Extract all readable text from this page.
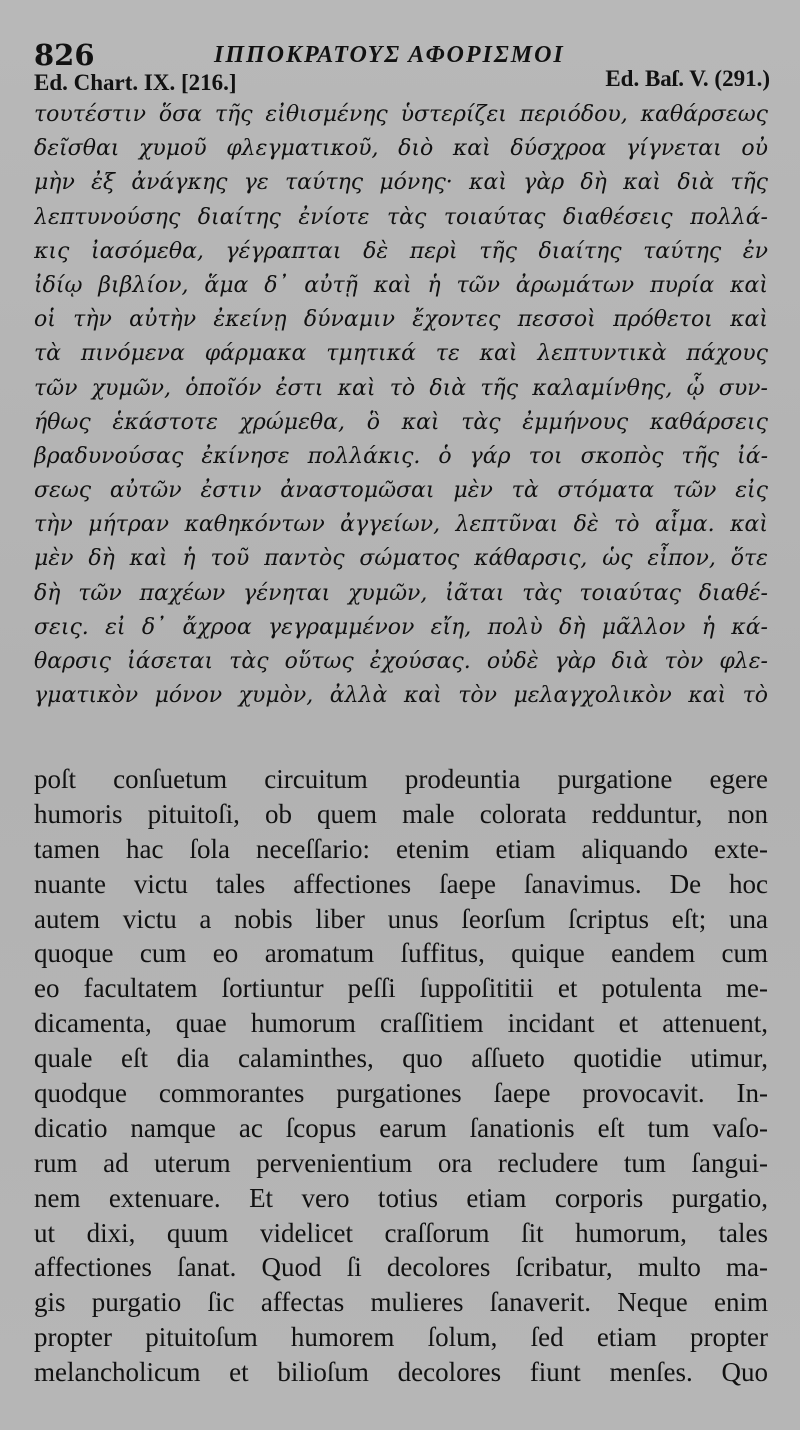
826	ΙΠΠΟΚΡΑΤΟΥΣ ΑΦΟΡΙΣΜΟΙ
Ed. Chart. IX. [216.]	Ed. Baſ. V. (291.)
τουτέστιν ὅσα τῆς εἰθισμένης ὑστερίζει περιόδου, καθάρσεως
δεῖσθαι χυμοῦ φλεγματικοῦ, διὸ καὶ δύσχροα γίγνεται οὐ
μὴν ἐξ ἀνάγκης γε ταύτης μόνης· καὶ γὰρ δὴ καὶ διὰ τῆς
λεπτυνούσης διαίτης ἐνίοτε τὰς τοιαύτας διαθέσεις πολλά-
κις ἰασόμεθα, γέγραπται δὲ περὶ τῆς διαίτης ταύτης ἐν
ἰδίῳ βιβλίον, ἅμα δ᾽ αὐτῇ καὶ ἡ τῶν ἀρωμάτων πυρία καὶ
οἱ τὴν αὐτὴν ἐκείνῃ δύναμιν ἔχοντες πεσσοὶ πρόθετοι καὶ
τὰ πινόμενα φάρμακα τμητικά τε καὶ λεπτυντικὰ πάχους
τῶν χυμῶν, ὁποῖόν ἐστι καὶ τὸ διὰ τῆς καλαμίνθης, ᾧ συν-
ήθως ἑκάστοτε χρώμεθα, ὃ καὶ τὰς ἐμμήνους καθάρσεις
βραδυνούσας ἐκίνησε πολλάκις. ὁ γάρ τοι σκοπὸς τῆς ἰά-
σεως αὐτῶν ἐστιν ἀναστομῶσαι μὲν τὰ στόματα τῶν εἰς
τὴν μήτραν καθηκόντων ἀγγείων, λεπτῦναι δὲ τὸ αἷμα. καὶ
μὲν δὴ καὶ ἡ τοῦ παντὸς σώματος κάθαρσις, ὡς εἶπον, ὅτε
δὴ τῶν παχέων γένηται χυμῶν, ἰᾶται τὰς τοιαύτας διαθέ-
σεις. εἰ δ᾽ ἄχροα γεγραμμένον εἴη, πολὺ δὴ μᾶλλον ἡ κά-
θαρσις ἰάσεται τὰς οὕτως ἐχούσας. οὐδὲ γὰρ διὰ τὸν φλε-
γματικὸν μόνον χυμὸν, ἀλλὰ καὶ τὸν μελαγχολικὸν καὶ τὸ
poſt conſuetum circuitum prodeuntia purgatione egere
humoris pituitoſi, ob quem male colorata redduntur, non
tamen hac ſola neceſſario: etenim etiam aliquando exte-
nuante victu tales affectiones ſaepe ſanavimus. De hoc
autem victu a nobis liber unus ſeorſum ſcriptus eſt; una
quoque cum eo aromatum ſuffitus, quique eandem cum
eo facultatem ſortiuntur peſſi ſuppoſititii et potulenta me-
dicamenta, quae humorum craſſitiem incidant et attenuent,
quale eſt dia calaminthes, quo aſſueto quotidie utimur,
quodque commorantes purgationes ſaepe provocavit. In-
dicatio namque ac ſcopus earum ſanationis eſt tum vaſo-
rum ad uterum pervenientium ora recludere tum ſangui-
nem extenuare. Et vero totius etiam corporis purgatio,
ut dixi, quum videlicet craſſorum ſit humorum, tales
affectiones ſanat. Quod ſi decolores ſcribatur, multo ma-
gis purgatio ſic affectas mulieres ſanaverit. Neque enim
propter pituitoſum humorem ſolum, ſed etiam propter
melancholicum et bilioſum decolores fiunt menſes. Quo
